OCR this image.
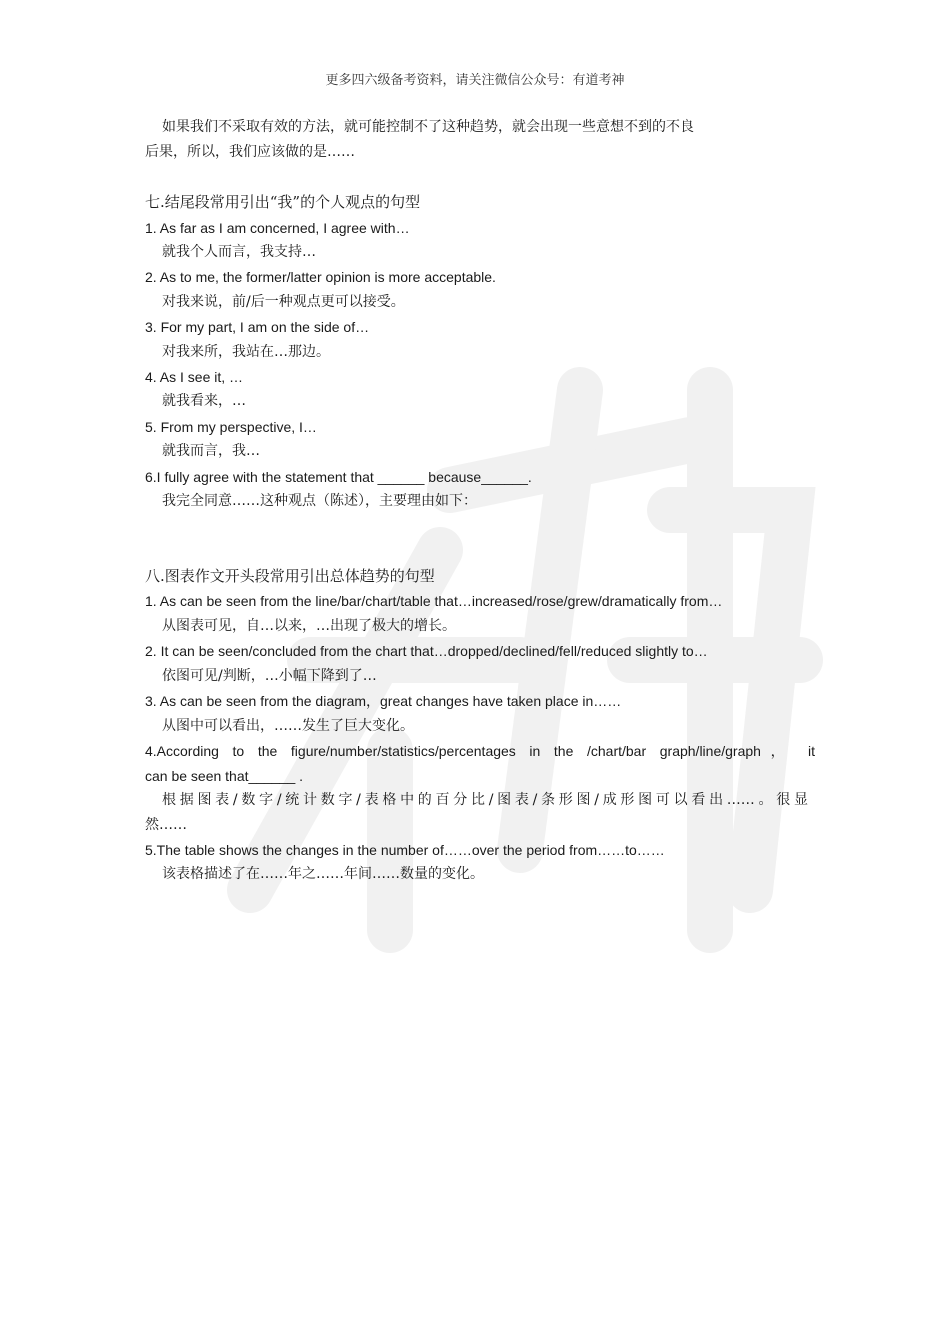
更多四六级备考资料，请关注微信公众号：有道考神
如果我们不采取有效的方法，就可能控制不了这种趋势，就会出现一些意想不到的不良
后果，所以，我们应该做的是……
七.结尾段常用引出“我”的个人观点的句型
1. As far as I am concerned, I agree with…
就我个人而言，我支持…
2. As to me, the former/latter opinion is more acceptable.
对我来说，前/后一种观点更可以接受。
3. For my part, I am on the side of…
对我来所，我站在…那边。
4. As I see it, …
就我看来，…
5. From my perspective, I…
就我而言，我…
6.I fully agree with the statement that ______ because______.
我完全同意……这种观点（陈述），主要理由如下：
八.图表作文开头段常用引出总体趋势的句型
1. As can be seen from the line/bar/chart/table that…increased/rose/grew/dramatically from…
从图表可见，自…以来，…出现了极大的增长。
2. It can be seen/concluded from the chart that…dropped/declined/fell/reduced slightly to…
依图可见/判断，…小幅下降到了…
3. As can be seen from the diagram，great changes have taken place in……
从图中可以看出，……发生了巨大变化。
4.According to the figure/number/statistics/percentages in the /chart/bar graph/line/graph， it
can be seen that______ .
根据图表/数字/统计数字/表格中的百分比/图表/条形图/成形图可以看出……。很显
然……
5.The table shows the changes in the number of……over the period from……to……
该表格描述了在……年之……年间……数量的变化。
